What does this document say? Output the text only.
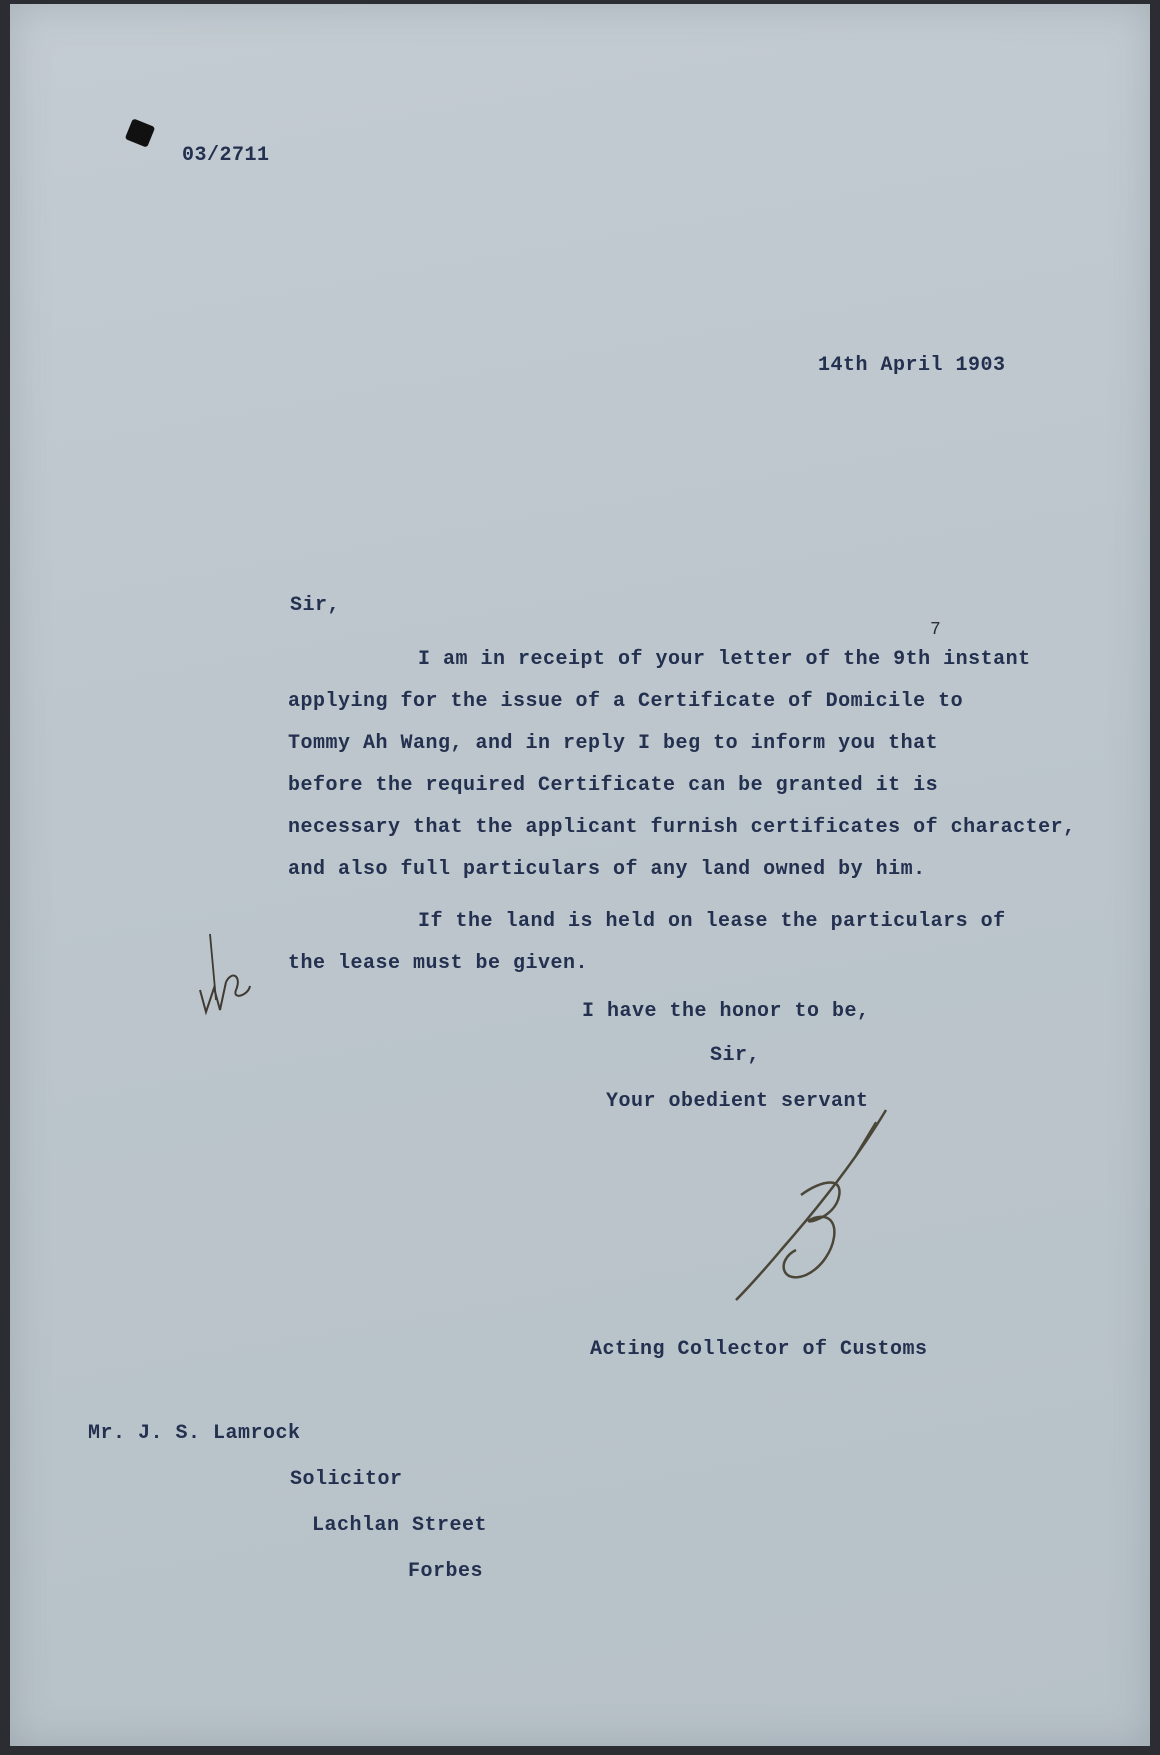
03/2711
14th April 1903
Sir,
I am in receipt of your letter of the 9th instant
7
applying for the issue of a Certificate of Domicile to
Tommy Ah Wang, and in reply I beg to inform you that
before the required Certificate can be granted it is
necessary that the applicant furnish certificates of character,
and also full particulars of any land owned by him.
If the land is held on lease the particulars of
the lease must be given.
I have the honor to be,
Sir,
Your obedient servant
Acting Collector of Customs
Mr. J. S. Lamrock
Solicitor
Lachlan Street
Forbes
